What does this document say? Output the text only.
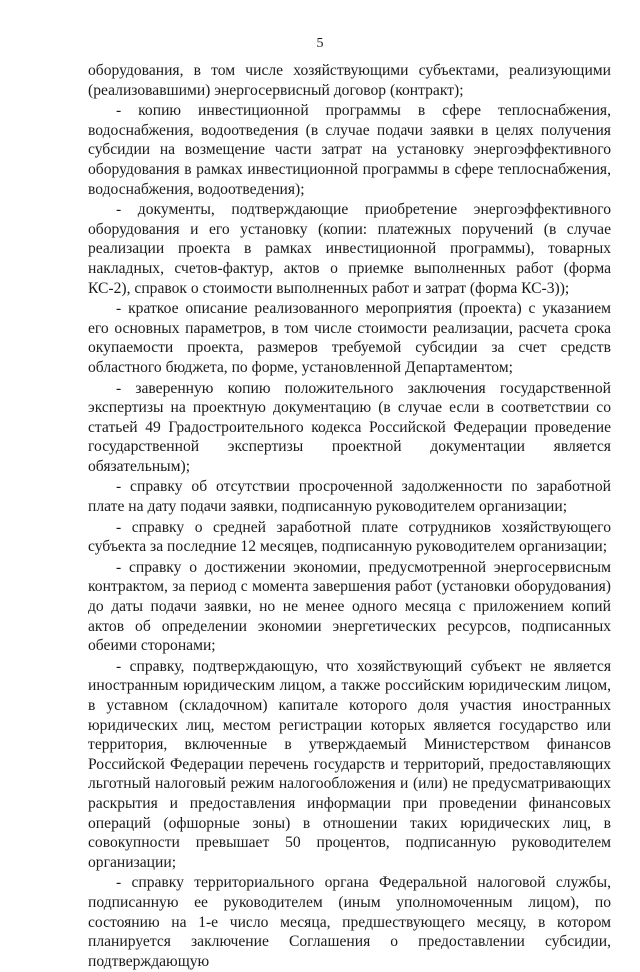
5

оборудования, в том числе хозяйствующими субъектами, реализующими (реализовавшими) энергосервисный договор (контракт);

- копию инвестиционной программы в сфере теплоснабжения, водоснабжения, водоотведения (в случае подачи заявки в целях получения субсидии на возмещение части затрат на установку энергоэффективного оборудования в рамках инвестиционной программы в сфере теплоснабжения, водоснабжения, водоотведения);

- документы, подтверждающие приобретение энергоэффективного оборудования и его установку (копии: платежных поручений (в случае реализации проекта в рамках инвестиционной программы), товарных накладных, счетов-фактур, актов о приемке выполненных работ (форма КС-2), справок о стоимости выполненных работ и затрат (форма КС-3));

- краткое описание реализованного мероприятия (проекта) с указанием его основных параметров, в том числе стоимости реализации, расчета срока окупаемости проекта, размеров требуемой субсидии за счет средств областного бюджета, по форме, установленной Департаментом;

- заверенную копию положительного заключения государственной экспертизы на проектную документацию (в случае если в соответствии со статьей 49 Градостроительного кодекса Российской Федерации проведение государственной экспертизы проектной документации является обязательным);

- справку об отсутствии просроченной задолженности по заработной плате на дату подачи заявки, подписанную руководителем организации;

- справку о средней заработной плате сотрудников хозяйствующего субъекта за последние 12 месяцев, подписанную руководителем организации;

- справку о достижении экономии, предусмотренной энергосервисным контрактом, за период с момента завершения работ (установки оборудования) до даты подачи заявки, но не менее одного месяца с приложением копий актов об определении экономии энергетических ресурсов, подписанных обеими сторонами;

- справку, подтверждающую, что хозяйствующий субъект не является иностранным юридическим лицом, а также российским юридическим лицом, в уставном (складочном) капитале которого доля участия иностранных юридических лиц, местом регистрации которых является государство или территория, включенные в утверждаемый Министерством финансов Российской Федерации перечень государств и территорий, предоставляющих льготный налоговый режим налогообложения и (или) не предусматривающих раскрытия и предоставления информации при проведении финансовых операций (офшорные зоны) в отношении таких юридических лиц, в совокупности превышает 50 процентов, подписанную руководителем организации;

- справку территориального органа Федеральной налоговой службы, подписанную ее руководителем (иным уполномоченным лицом), по состоянию на 1-е число месяца, предшествующего месяцу, в котором планируется заключение Соглашения о предоставлении субсидии, подтверждающую
